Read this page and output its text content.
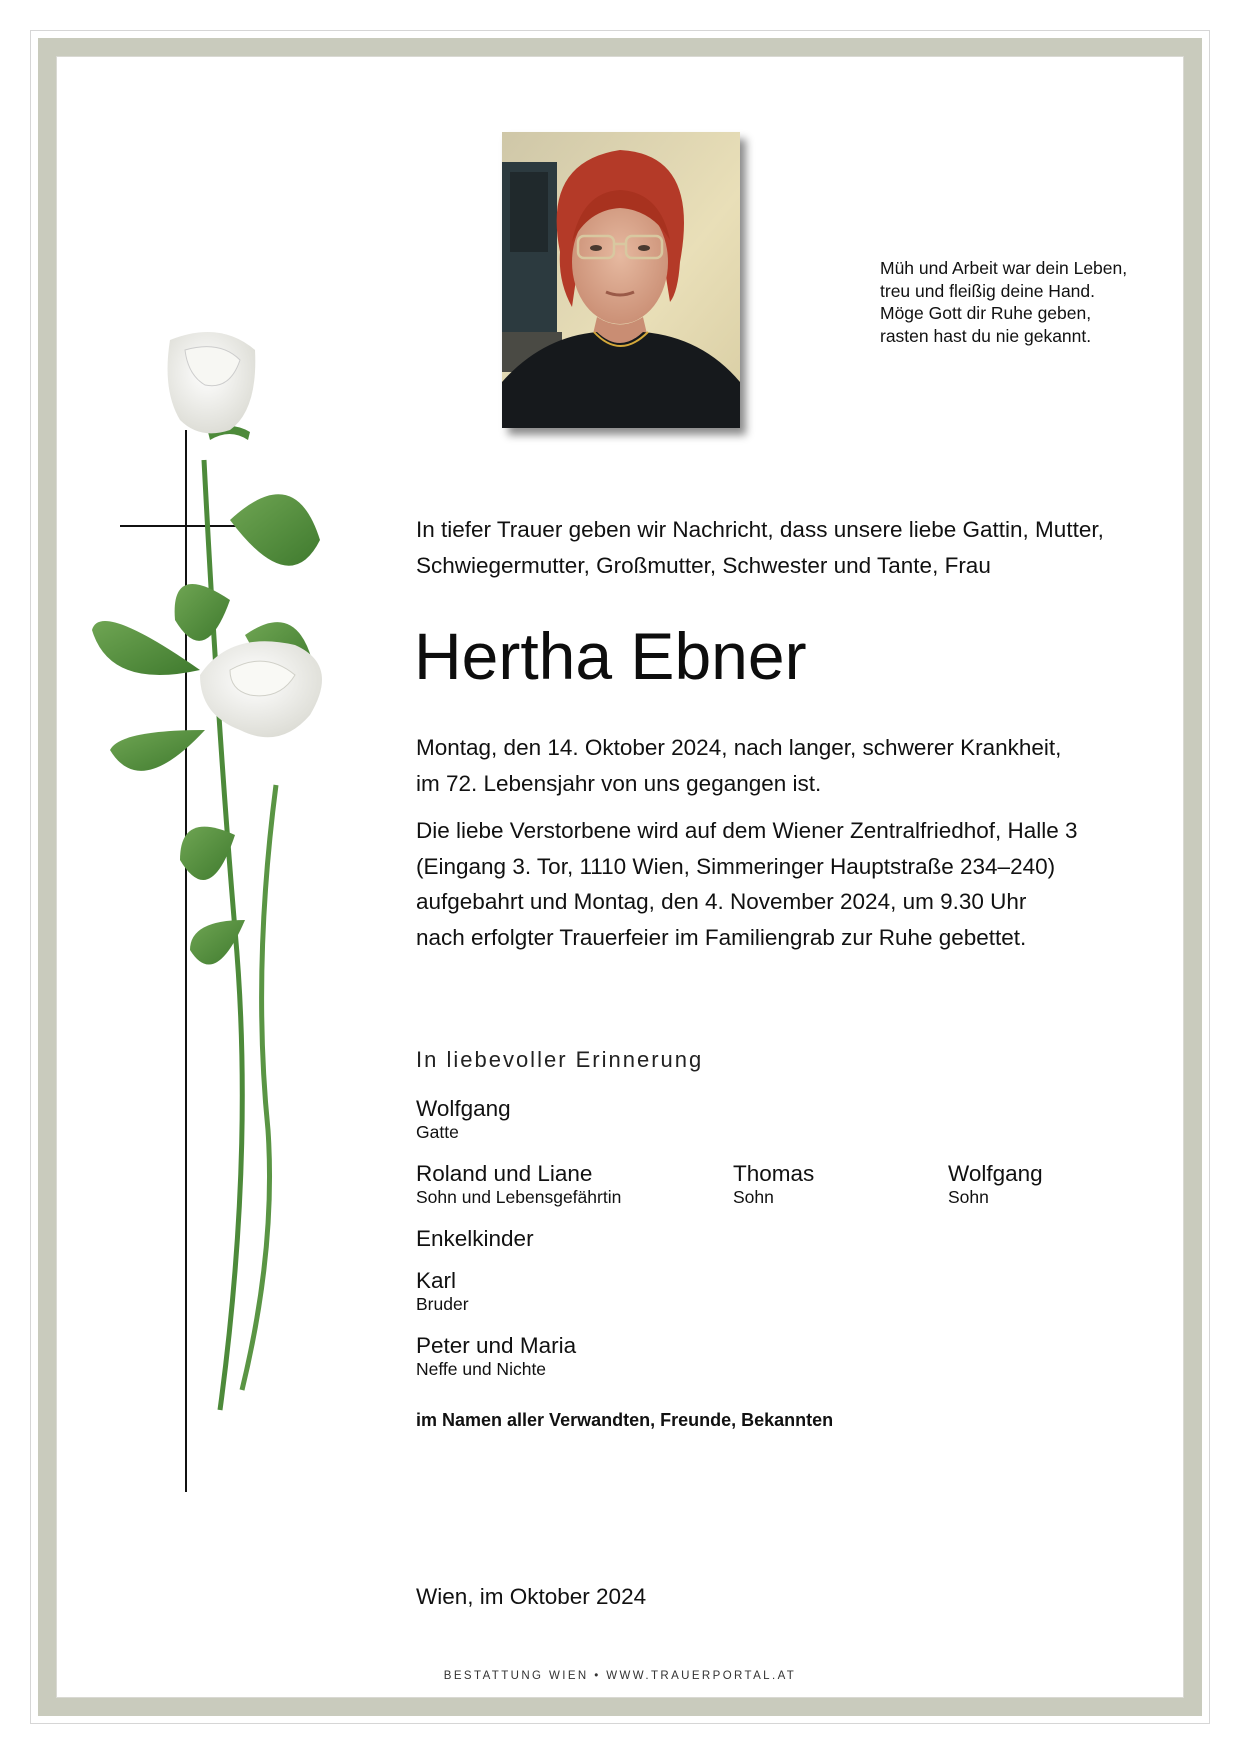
Müh und Arbeit war dein Leben,
treu und fleißig deine Hand.
Möge Gott dir Ruhe geben,
rasten hast du nie gekannt.
In tiefer Trauer geben wir Nachricht, dass unsere liebe Gattin, Mutter,
Schwiegermutter, Großmutter, Schwester und Tante, Frau
Hertha Ebner
Montag, den 14. Oktober 2024, nach langer, schwerer Krankheit,
im 72. Lebensjahr von uns gegangen ist.
Die liebe Verstorbene wird auf dem Wiener Zentralfriedhof, Halle 3
(Eingang 3. Tor, 1110 Wien, Simmeringer Hauptstraße 234–240)
aufgebahrt und Montag, den 4. November 2024, um 9.30 Uhr
nach erfolgter Trauerfeier im Familiengrab zur Ruhe gebettet.
In liebevoller Erinnerung
Wolfgang
Gatte
Roland und Liane
Sohn und Lebensgefährtin
Thomas
Sohn
Wolfgang
Sohn
Enkelkinder
Karl
Bruder
Peter und Maria
Neffe und Nichte
im Namen aller Verwandten, Freunde, Bekannten
Wien, im Oktober 2024
BESTATTUNG WIEN • WWW.TRAUERPORTAL.AT
